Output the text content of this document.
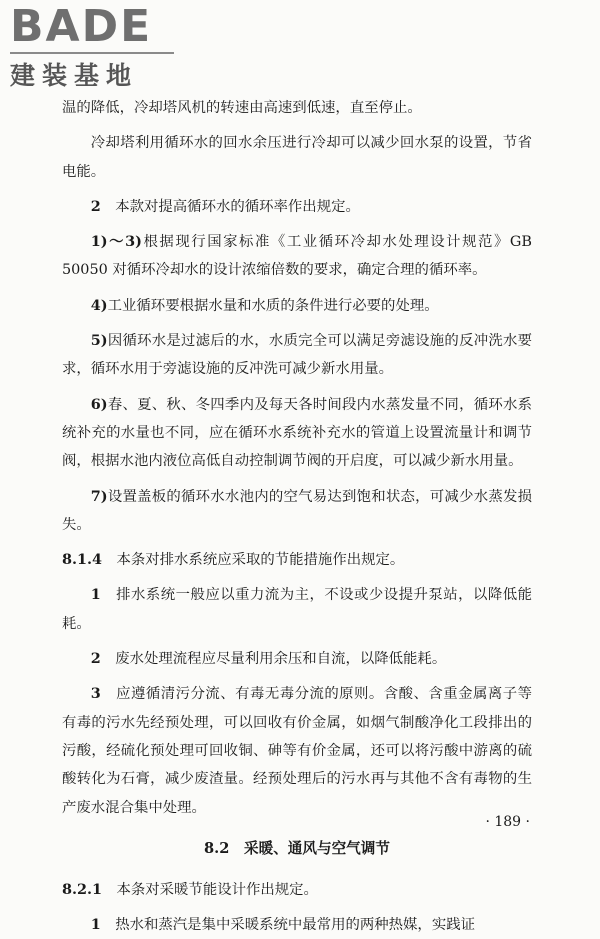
BADE
建装基地

温的降低，冷却塔风机的转速由高速到低速，直至停止。

冷却塔利用循环水的回水余压进行冷却可以减少回水泵的设置，节省电能。

2　 本款对提高循环水的循环率作出规定。

1)～3)根据现行国家标准《工业循环冷却水处理设计规范》GB 50050 对循环冷却水的设计浓缩倍数的要求，确定合理的循环率。

4)工业循环要根据水量和水质的条件进行必要的处理。

5)因循环水是过滤后的水，水质完全可以满足旁滤设施的反冲洗水要求，循环水用于旁滤设施的反冲洗可减少新水用量。

6)春、夏、秋、冬四季内及每天各时间段内水蒸发量不同，循环水系统补充的水量也不同，应在循环水系统补充水的管道上设置流量计和调节阀，根据水池内液位高低自动控制调节阀的开启度，可以减少新水用量。

7)设置盖板的循环水水池内的空气易达到饱和状态，可减少水蒸发损失。

8.1.4　 本条对排水系统应采取的节能措施作出规定。

1　 排水系统一般应以重力流为主，不设或少设提升泵站，以降低能耗。

2　 废水处理流程应尽量利用余压和自流，以降低能耗。

3　 应遵循清污分流、有毒无毒分流的原则。含酸、含重金属离子等有毒的污水先经预处理，可以回收有价金属，如烟气制酸净化工段排出的污酸，经硫化预处理可回收铜、砷等有价金属，还可以将污酸中游离的硫酸转化为石膏，减少废渣量。经预处理后的污水再与其他不含有毒物的生产废水混合集中处理。

8.2　采暖、通风与空气调节

8.2.1　 本条对采暖节能设计作出规定。

1　 热水和蒸汽是集中采暖系统中最常用的两种热媒，实践证

· 189 ·
